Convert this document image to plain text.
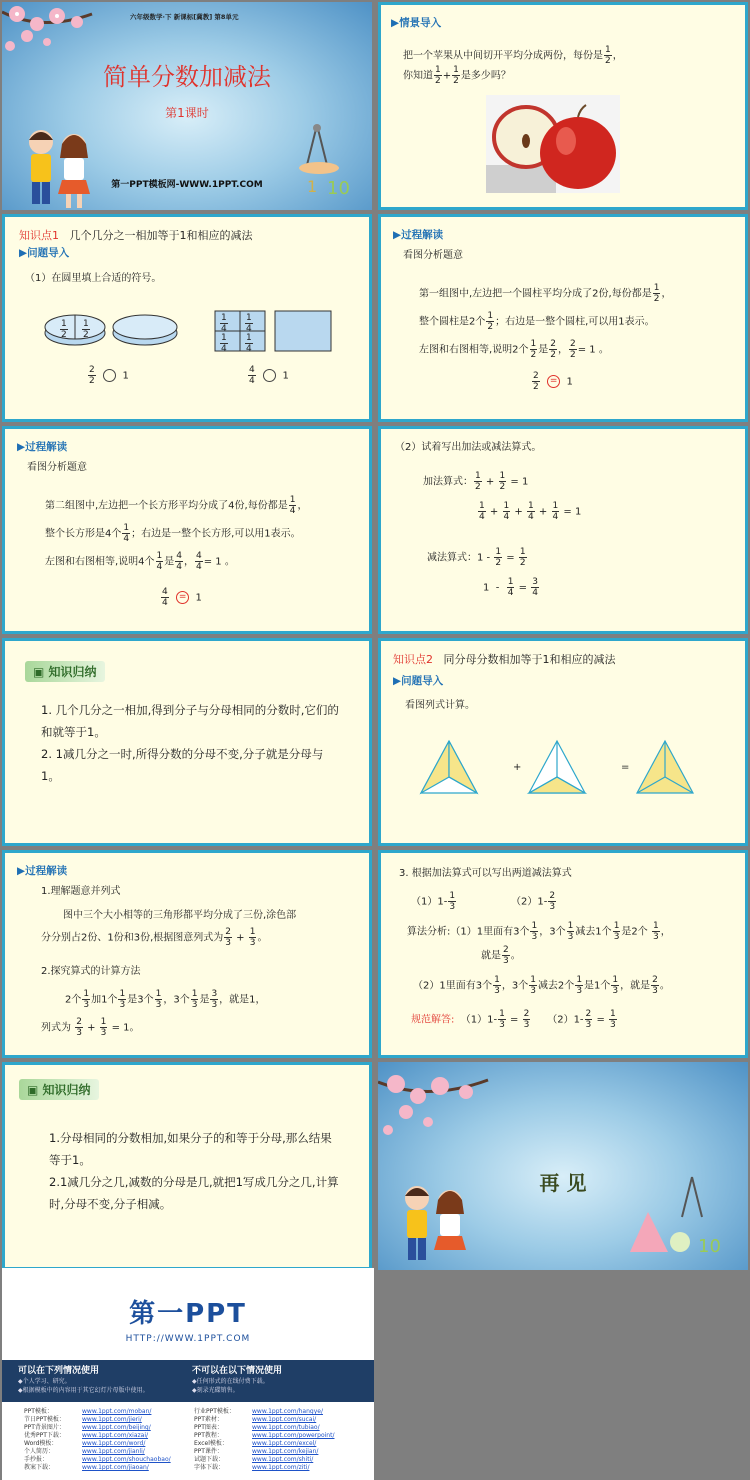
六年级数学·下 新课标[冀教] 第8单元
简单分数加减法
第1课时
第一PPT模板网-WWW.1PPT.COM	1 10
▶情景导入
把一个苹果从中间切开平均分成两份，每份是 $\frac{1}{2}$ ，
你知道 $\frac{1}{2} + \frac{1}{2}$ 是多少吗？
知识点1 几个几分之一相加等于1和相应的减法
▶问题导入
（1）在圆里填上合适的符号。
$\frac{1}{2} \frac{1}{2}$	$\frac{1}{4} \frac{1}{4}$
$\frac{1}{4} \frac{1}{4}$
$\frac{2}{2}$	1	$\frac{4}{4}$	1
▶过程解读
看图分析题意
第一组图中,左边把一个圆柱平均分成了2份,每份都是 $\frac{1}{2}$ ，
整个圆柱是2个 $\frac{1}{2}$ ；右边是一整个圆柱,可以用1表示。
左图和右图相等,说明2个 $\frac{1}{2}$ 是 $\frac{2}{2}$ ， $\frac{2}{2} = 1$ 。
$\frac{2}{2} = 1$
▶过程解读
看图分析题意
第二组图中,左边把一个长方形平均分成了4份,每份都是 $\frac{1}{4}$ ，
整个长方形是4个 $\frac{1}{4}$ ；右边是一整个长方形,可以用1表示。
左图和右图相等,说明4个 $\frac{1}{4}$ 是 $\frac{4}{4}$ ， $\frac{4}{4} = 1$ 。
$\frac{4}{4} = 1$
（2）试着写出加法或减法算式。
加法算式： $\frac{1}{2} + \frac{1}{2} = 1$
$\frac{1}{4} + \frac{1}{4} + \frac{1}{4} + \frac{1}{4} = 1$
减法算式：$1 - \frac{1}{2} = \frac{1}{2}$
$1 - \frac{1}{4} = \frac{3}{4}$
▣ 知识归纳
1. 几个几分之一相加,得到分子与分母相同的分数时,它们的和就等于1。
2. 1减几分之一时,所得分数的分母不变,分子就是分母与1。
知识点2 同分母分数相加等于1和相应的减法
▶问题导入
看图列式计算。
+	=
▶过程解读
1.理解题意并列式
图中三个大小相等的三角形都平均分成了三份,涂色部
分分别占2份、1份和3份,根据图意列式为 $\frac{2}{3} + \frac{1}{3}$ 。
2.探究算式的计算方法
2个 $\frac{1}{3}$ 加1个 $\frac{1}{3}$ 是3个 $\frac{1}{3}$ ，3个 $\frac{1}{3}$ 是 $\frac{3}{3}$ ，就是1，
列式为 $\frac{2}{3} + \frac{1}{3} = 1$。
3. 根据加法算式可以写出两道减法算式
$(1)1- \frac{1}{3}$	$(2)1- \frac{2}{3}$
算法分析:（1）1里面有3个 $\frac{1}{3}$ ，3个 $\frac{1}{3}$ 减去1个 $\frac{1}{3}$ 是2个 $\frac{1}{3}$ ，
就是 $\frac{2}{3}$ 。
（2）1里面有3个 $\frac{1}{3}$ ，3个 $\frac{1}{3}$ 减去2个 $\frac{1}{3}$ 是1个 $\frac{1}{3}$ ，就是 $\frac{2}{3}$ 。
规范解答: $(1)1- \frac{1}{3} = \frac{2}{3} (2)1- \frac{2}{3} = \frac{1}{3}$
▣ 知识归纳
1.分母相同的分数相加,如果分子的和等于分母,那么结果等于1。
2.1减几分之几,减数的分母是几,就把1写成几分之几,计算时,分母不变,分子相减。
再 见
10
第一PPT
HTTP://WWW.1PPT.COM
可以在下列情况使用
◆个人学习、研究。
◆根据模板中的内容用于其它幻灯片母版中使用。
不可以在以下情况使用
◆任何形式的在线付费下载。
◆刻录光碟销售。
PPT模板：	www.1ppt.com/moban/
节日PPT模板：	www.1ppt.com/jieri/
PPT背景图片：	www.1ppt.com/beijing/
优秀PPT下载：	www.1ppt.com/xiazai/
Word模板：	www.1ppt.com/word/
个人简历：	www.1ppt.com/jianli/
手抄报：	www.1ppt.com/shouchaobao/
教案下载：	www.1ppt.com/jiaoan/
行业PPT模板：	www.1ppt.com/hangye/
PPT素材：	www.1ppt.com/sucai/
PPT图表：	www.1ppt.com/tubiao/
PPT教程：	www.1ppt.com/powerpoint/
Excel模板：	www.1ppt.com/excel/
PPT课件：	www.1ppt.com/kejian/
试题下载：	www.1ppt.com/shiti/
字体下载：	www.1ppt.com/ziti/
